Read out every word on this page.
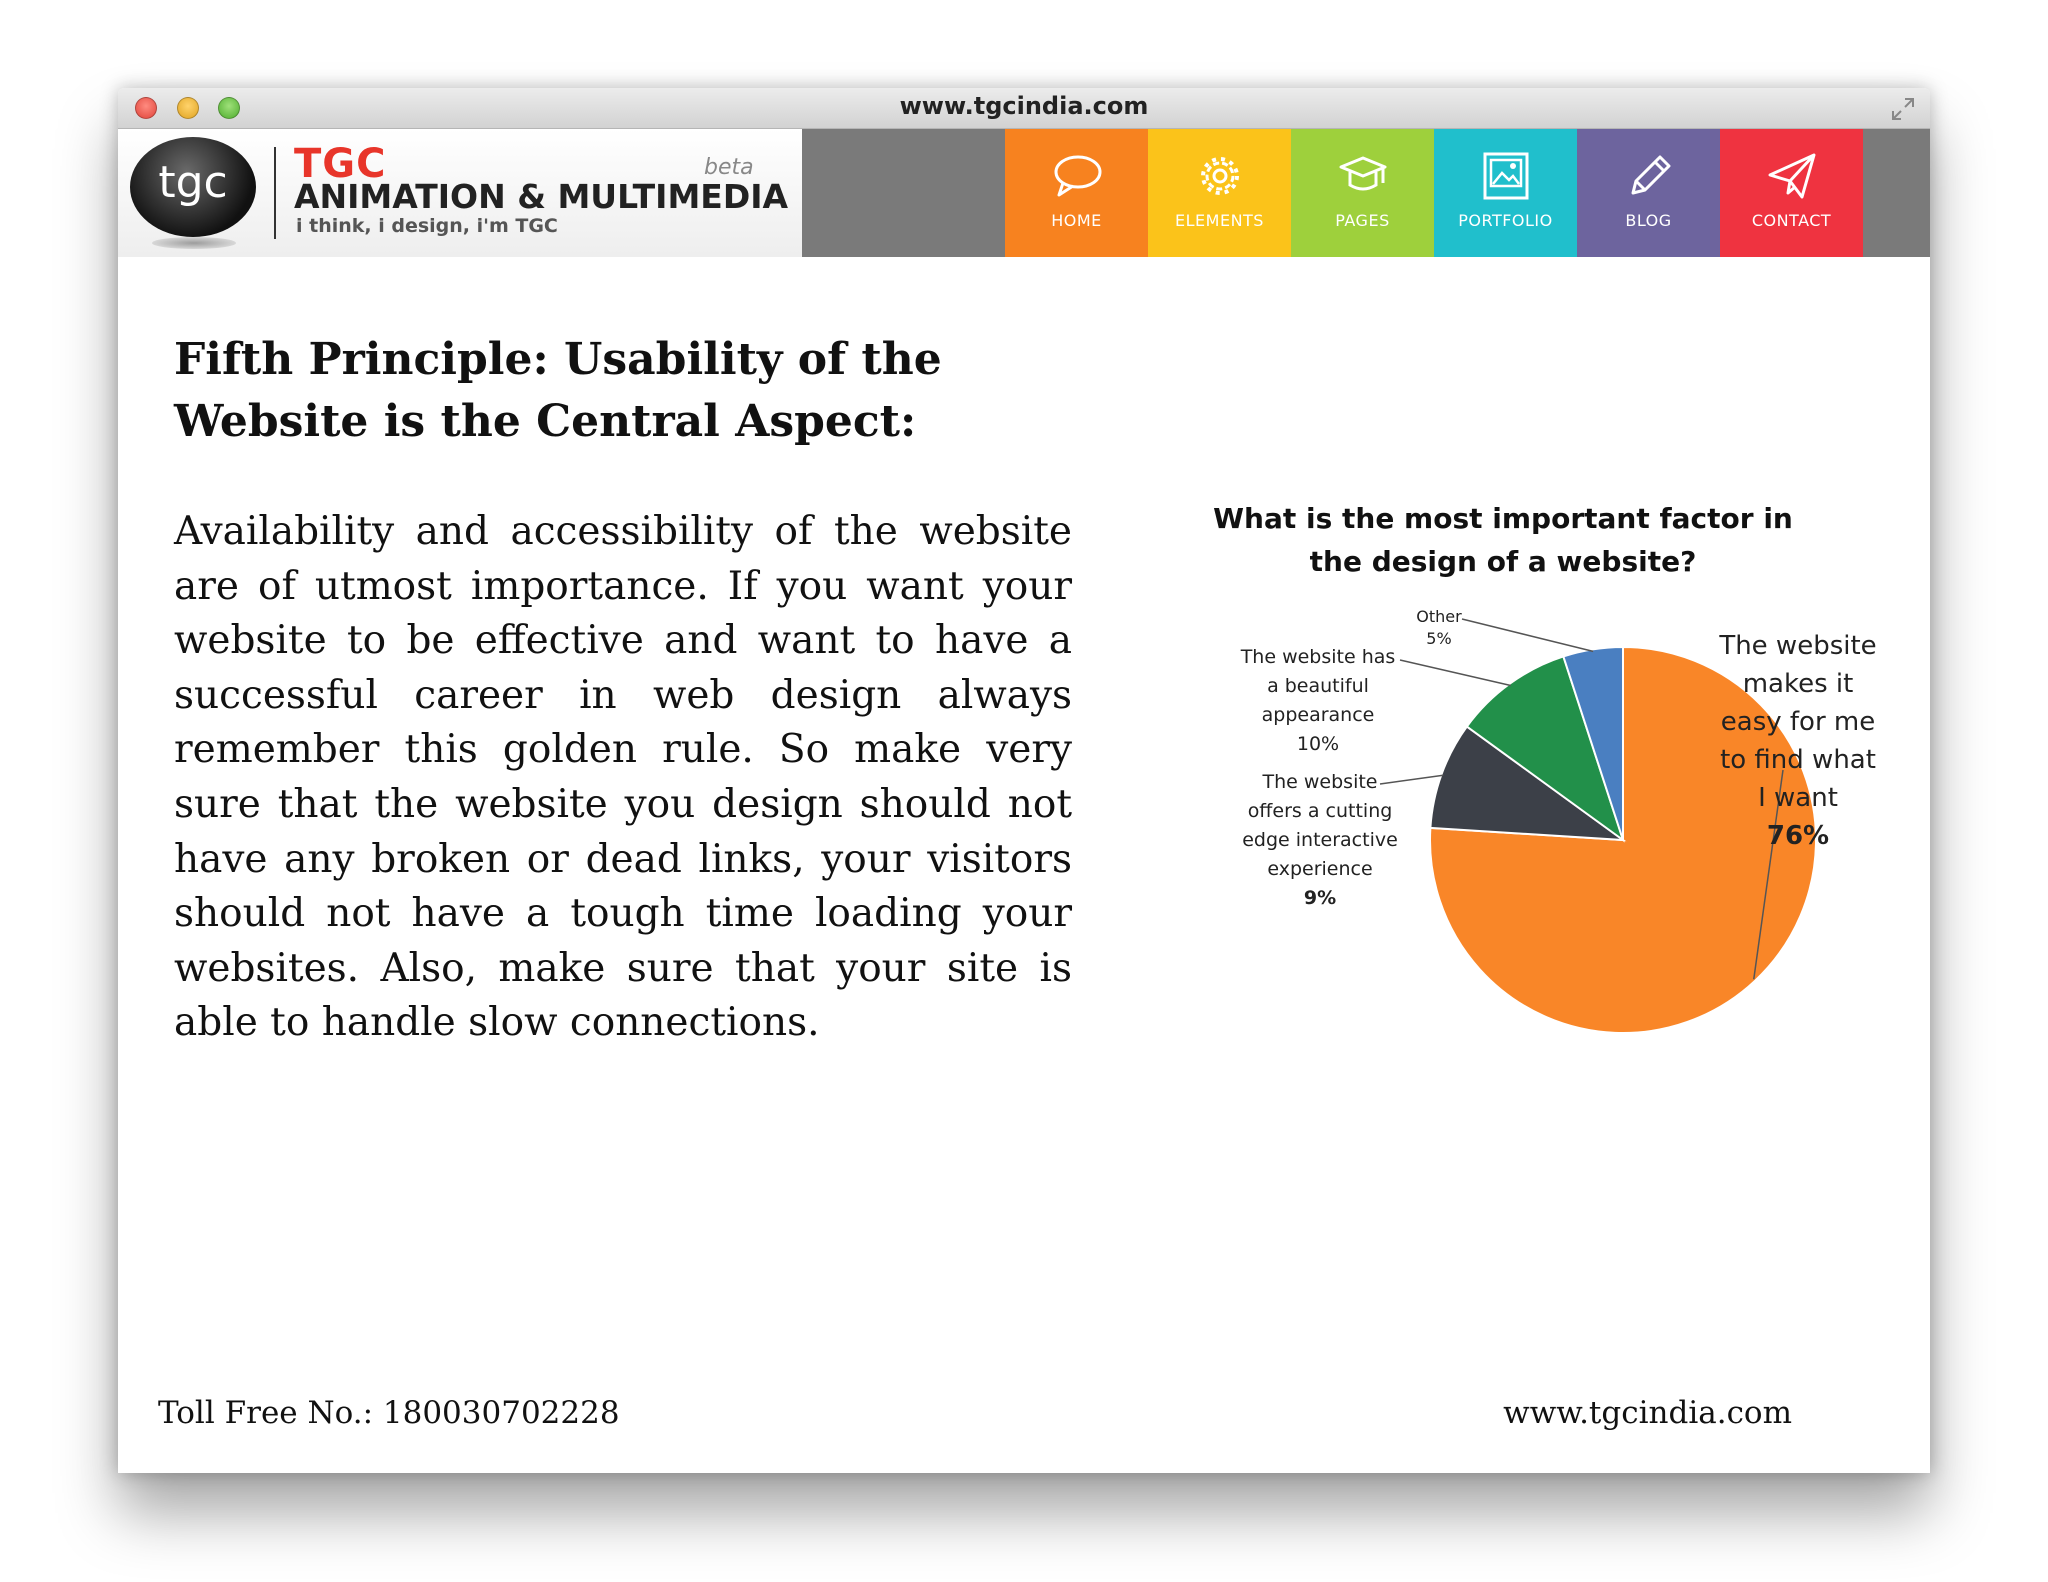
www.tgcindia.com
tgc	TGC	beta
ANIMATION & MULTIMEDIA
i think, i design, i'm TGC	HOME	ELEMENTS	PAGES	PORTFOLIO	BLOG	CONTACT
Fifth Principle: Usability of the
Website is the Central Aspect:

Availability and accessibility of the website are of utmost importance. If you want your website to be effective and want to have a successful career in web design always remember this golden rule. So make very sure that the website you design should not have any broken or dead links, your visitors should not have a tough time loading your websites. Also, make sure that your site is able to handle slow connections.

What is the most important factor in the design of a website?
The website makes it easy for me to find what I want 76%
The website offers a cutting edge interactive experience 9%
The website has a beautiful appearance 10%
Other 5%
Toll Free No.: 180030702228	www.tgcindia.com
